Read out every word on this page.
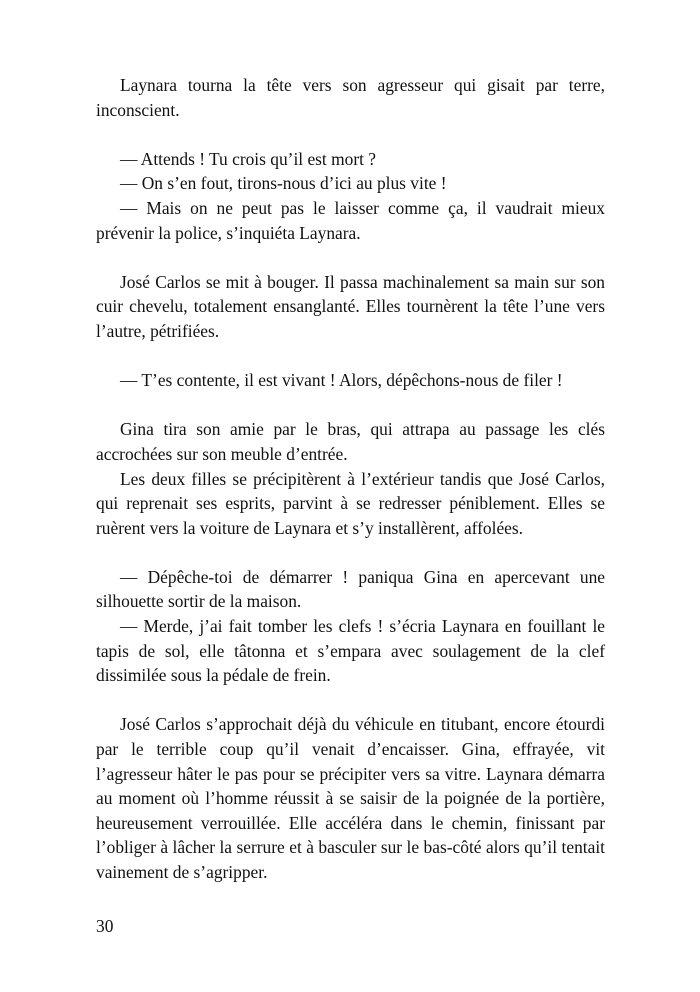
Laynara tourna la tête vers son agresseur qui gisait par terre, inconscient.

— Attends ! Tu crois qu’il est mort ?

— On s’en fout, tirons-nous d’ici au plus vite !

— Mais on ne peut pas le laisser comme ça, il vaudrait mieux prévenir la police, s’inquiéta Laynara.

José Carlos se mit à bouger. Il passa machinalement sa main sur son cuir chevelu, totalement ensanglanté. Elles tournèrent la tête l’une vers l’autre, pétrifiées.

— T’es contente, il est vivant ! Alors, dépêchons-nous de filer !

Gina tira son amie par le bras, qui attrapa au passage les clés accrochées sur son meuble d’entrée.

Les deux filles se précipitèrent à l’extérieur tandis que José Carlos, qui reprenait ses esprits, parvint à se redresser péniblement. Elles se ruèrent vers la voiture de Laynara et s’y installèrent, affolées.

— Dépêche-toi de démarrer ! paniqua Gina en apercevant une silhouette sortir de la maison.

— Merde, j’ai fait tomber les clefs ! s’écria Laynara en fouillant le tapis de sol, elle tâtonna et s’empara avec soulagement de la clef dissimilée sous la pédale de frein.

José Carlos s’approchait déjà du véhicule en titubant, encore étourdi par le terrible coup qu’il venait d’encaisser. Gina, effrayée, vit l’agresseur hâter le pas pour se précipiter vers sa vitre. Laynara démarra au moment où l’homme réussit à se saisir de la poignée de la portière, heureusement verrouillée. Elle accéléra dans le chemin, finissant par l’obliger à lâcher la serrure et à basculer sur le bas-côté alors qu’il tentait vainement de s’agripper.

30
